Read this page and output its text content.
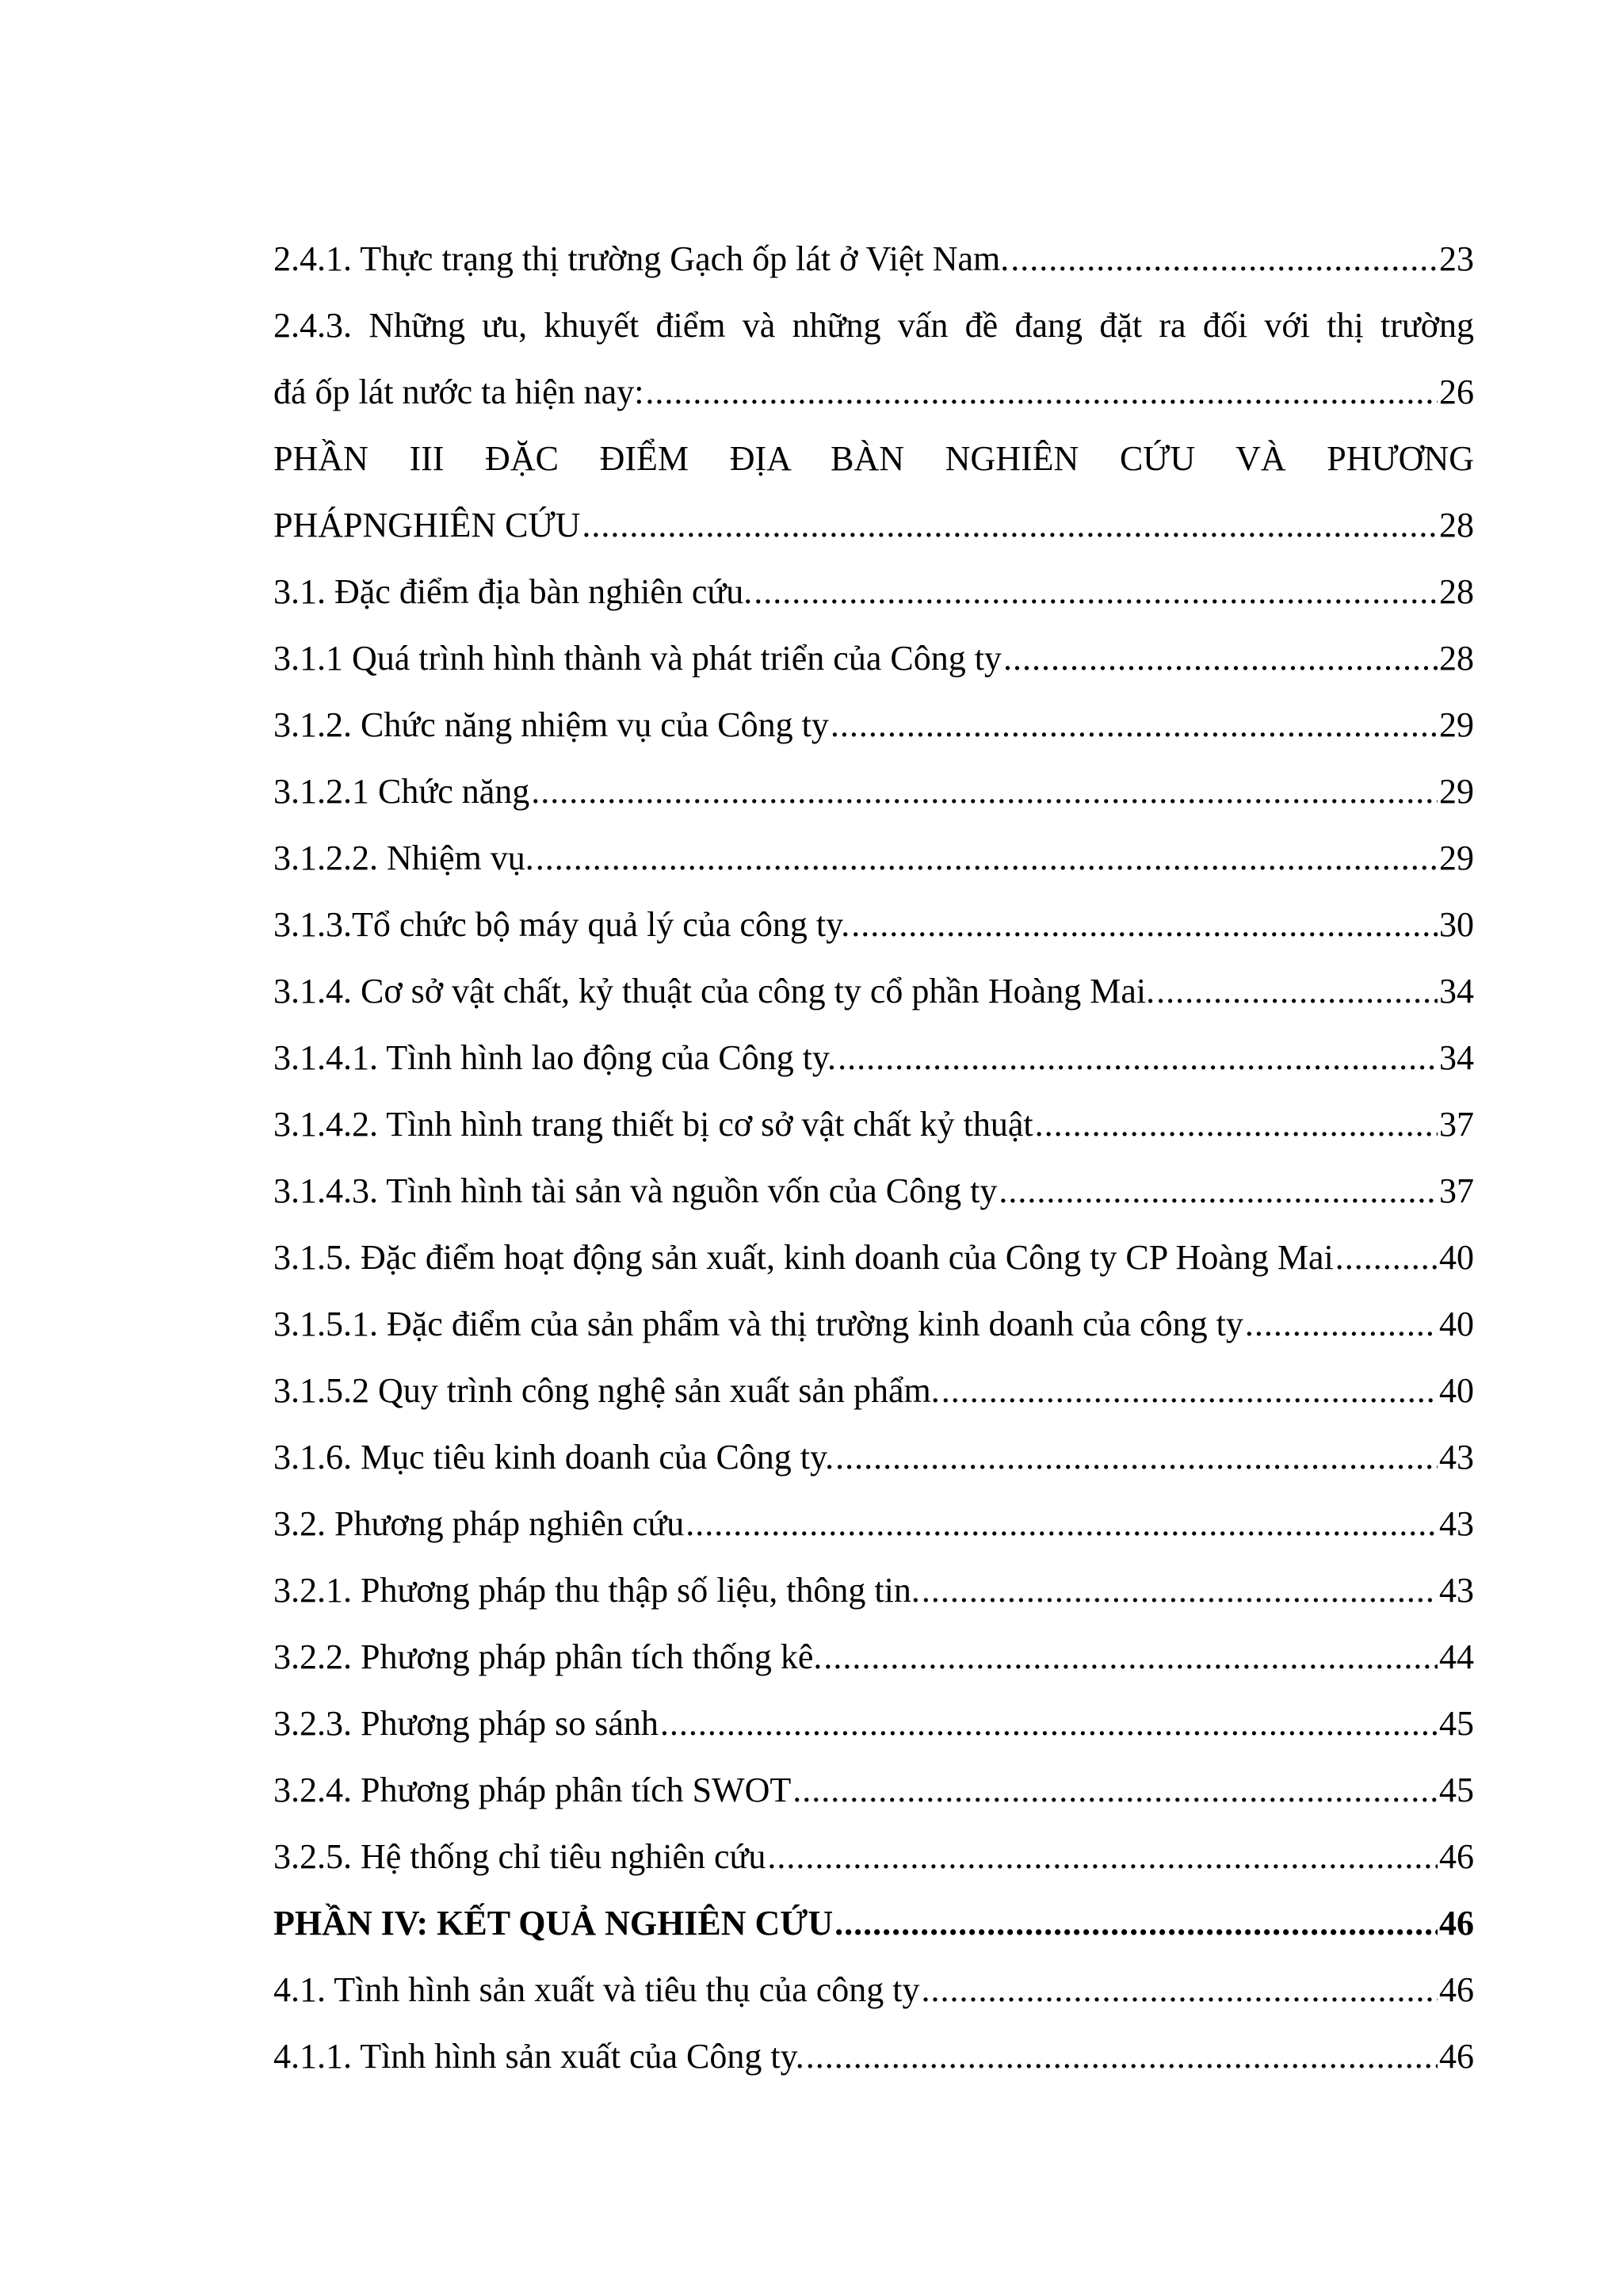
2.4.1. Thực trạng thị trường Gạch ốp lát ở Việt Nam. .....	23
2.4.3. Những ưu, khuyết điểm và những vấn đề đang đặt ra đối với thị trường
đá ốp lát nước ta hiện nay: .....	26
PHẦN III ĐẶC ĐIỂM ĐỊA BÀN NGHIÊN CỨU VÀ PHƯƠNG
PHÁPNGHIÊN CỨU .....	28
3.1. Đặc điểm địa bàn nghiên cứu. .....	28
3.1.1 Quá trình hình thành và phát triển của Công ty .....	28
3.1.2. Chức năng nhiệm vụ của Công ty .....	29
3.1.2.1 Chức năng .....	29
3.1.2.2. Nhiệm vụ. .....	29
3.1.3.Tổ chức bộ máy quả lý của công ty. .....	30
3.1.4. Cơ sở vật chất, kỷ thuật của công ty cổ phần Hoàng Mai. .....	34
3.1.4.1. Tình hình lao động của Công ty. .....	34
3.1.4.2. Tình hình trang thiết bị cơ sở vật chất kỷ thuật .....	37
3.1.4.3. Tình hình tài sản và nguồn vốn của Công ty .....	37
3.1.5. Đặc điểm hoạt động sản xuất, kinh doanh của Công ty CP Hoàng Mai .....	40
3.1.5.1. Đặc điểm của sản phẩm và thị trường kinh doanh của công ty .....	40
3.1.5.2 Quy trình công nghệ sản xuất sản phẩm. .....	40
3.1.6. Mục tiêu kinh doanh của Công ty. .....	43
3.2. Phương pháp nghiên cứu .....	43
3.2.1. Phương pháp thu thập số liệu, thông tin. .....	43
3.2.2. Phương pháp phân tích thống kê. .....	44
3.2.3. Phương pháp so sánh .....	45
3.2.4. Phương pháp phân tích SWOT .....	45
3.2.5. Hệ thống chỉ tiêu nghiên cứu .....	46
PHẦN IV: KẾT QUẢ NGHIÊN CỨU .....	46
4.1. Tình hình sản xuất và tiêu thụ của công ty .....	46
4.1.1. Tình hình sản xuất của Công ty. .....	46
